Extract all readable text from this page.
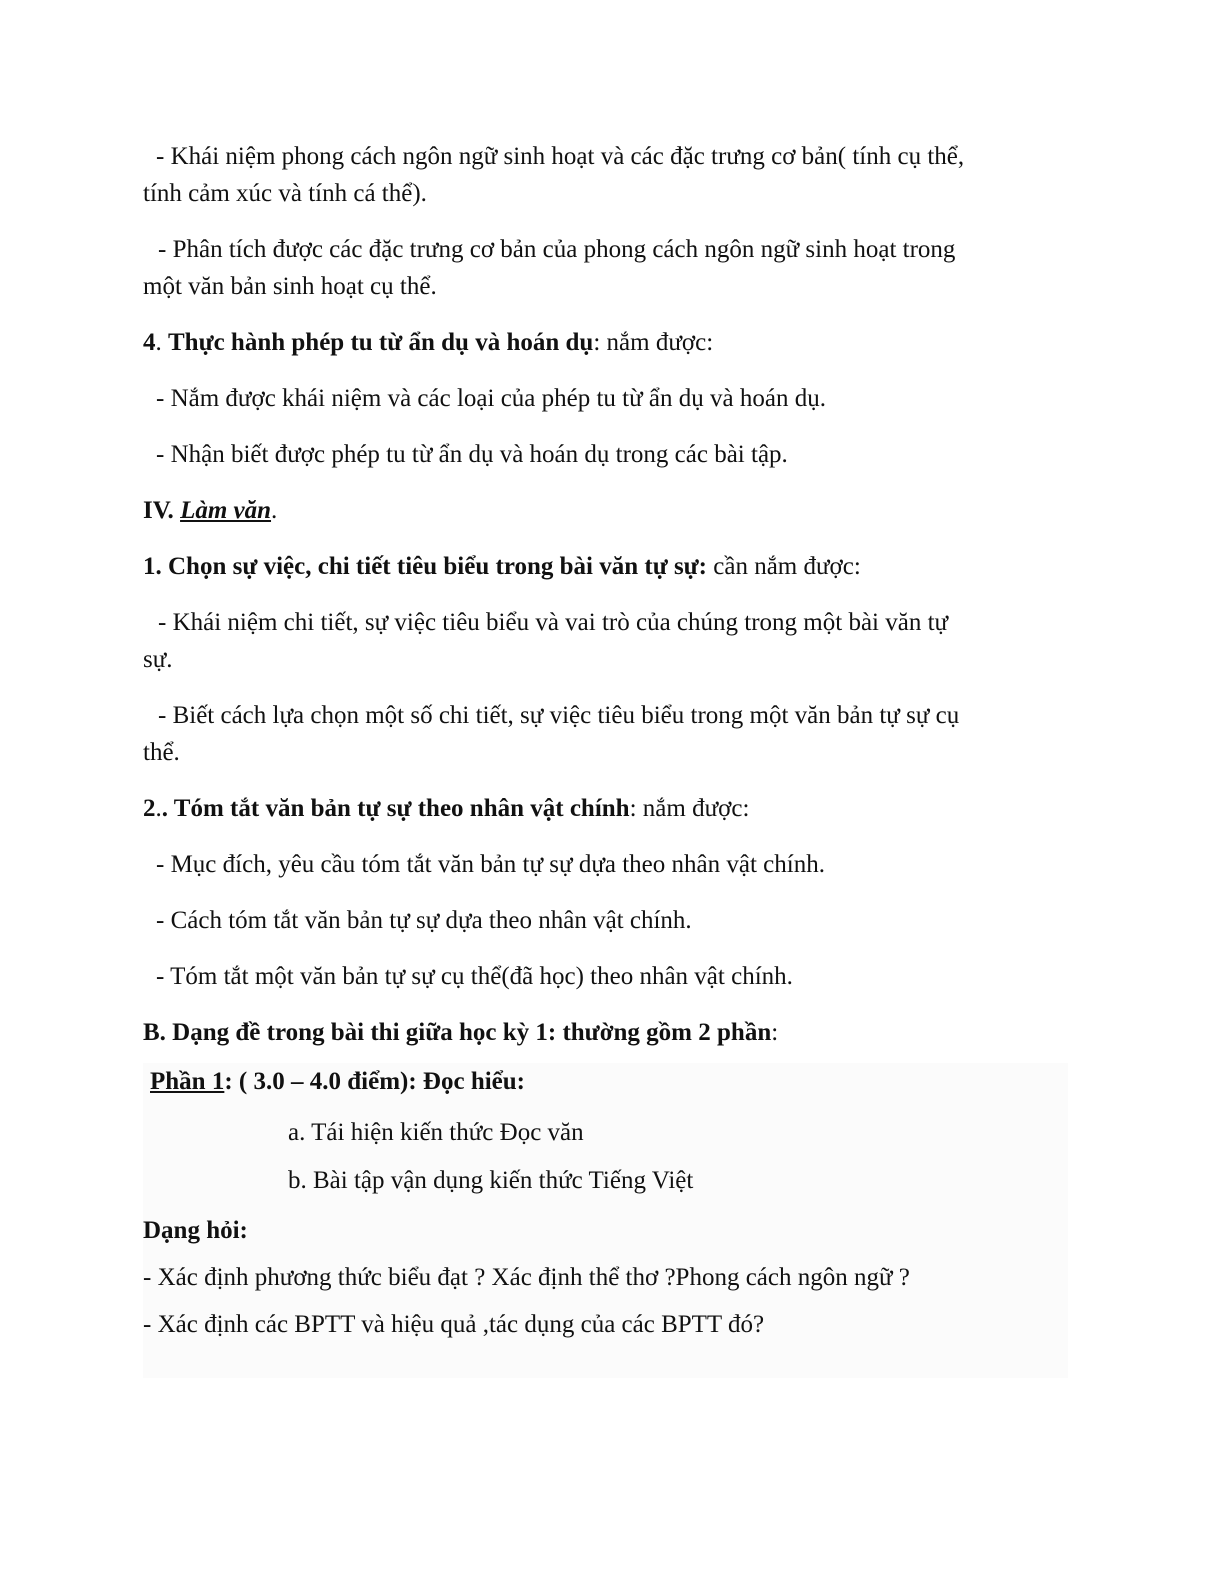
- Khái niệm phong cách ngôn ngữ sinh hoạt và các đặc trưng cơ bản( tính cụ thể,
tính cảm xúc và tính cá thể).

- Phân tích được các đặc trưng cơ bản của phong cách ngôn ngữ sinh hoạt trong
một văn bản sinh hoạt cụ thể.

4. Thực hành phép tu từ ẩn dụ và hoán dụ: nắm được:

- Nắm được khái niệm và các loại của phép tu từ ẩn dụ và hoán dụ.

- Nhận biết được phép tu từ ẩn dụ và hoán dụ trong các bài tập.

IV. Làm văn.

1. Chọn sự việc, chi tiết tiêu biểu trong bài văn tự sự: cần nắm được:

- Khái niệm chi tiết, sự việc tiêu biểu và vai trò của chúng trong một bài văn tự
sự.

- Biết cách lựa chọn một số chi tiết, sự việc tiêu biểu trong một văn bản tự sự cụ
thể.

2.. Tóm tắt văn bản tự sự theo nhân vật chính: nắm được:

- Mục đích, yêu cầu tóm tắt văn bản tự sự dựa theo nhân vật chính.

- Cách tóm tắt văn bản tự sự dựa theo nhân vật chính.

- Tóm tắt một văn bản tự sự cụ thể(đã học) theo nhân vật chính.

B. Dạng đề trong bài thi giữa học kỳ 1: thường gồm 2 phần:

Phần 1: ( 3.0 – 4.0 điểm): Đọc hiểu:

a. Tái hiện kiến thức Đọc văn

b. Bài tập vận dụng kiến thức Tiếng Việt

Dạng hỏi:

- Xác định phương thức biểu đạt ? Xác định thể thơ ?Phong cách ngôn ngữ ?

- Xác định các BPTT và hiệu quả ,tác dụng của các BPTT đó?
